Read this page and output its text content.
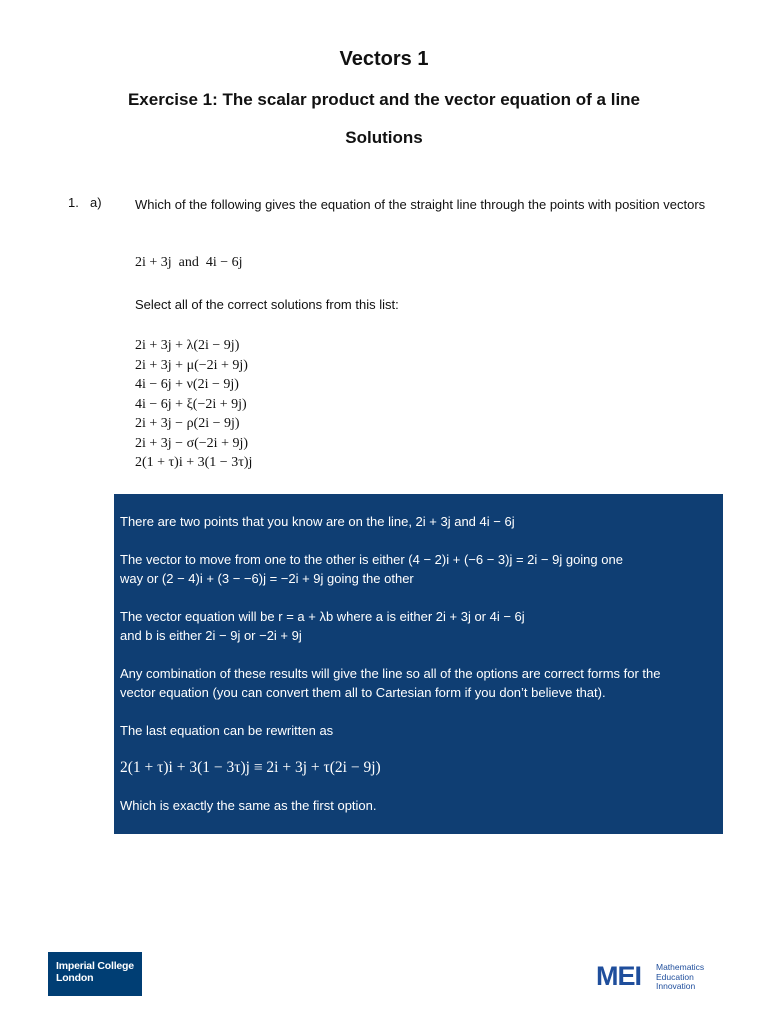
Vectors 1
Exercise 1: The scalar product and the vector equation of a line
Solutions
1. a)	Which of the following gives the equation of the straight line through the points with position vectors
2i + 3j  and  4i − 6j
Select all of the correct solutions from this list:
2i + 3j + λ(2i − 9j)
2i + 3j + μ(−2i + 9j)
4i − 6j + ν(2i − 9j)
4i − 6j + ξ(−2i + 9j)
2i + 3j − ρ(2i − 9j)
2i + 3j − σ(−2i + 9j)
2(1 + τ)i + 3(1 − 3τ)j
There are two points that you know are on the line, 2i + 3j and 4i − 6j
The vector to move from one to the other is either (4 − 2)i + (−6 − 3)j = 2i − 9j going one
way or (2 − 4)i + (3 − −6)j = −2i + 9j going the other
The vector equation will be r = a + λb where a is either 2i + 3j or 4i − 6j
and b is either 2i − 9j or −2i + 9j
Any combination of these results will give the line so all of the options are correct forms for the
vector equation (you can convert them all to Cartesian form if you don’t believe that).
The last equation can be rewritten as
2(1 + τ)i + 3(1 − 3τ)j ≡ 2i + 3j + τ(2i − 9j)
Which is exactly the same as the first option.
Imperial College
London	MEI Mathematics
Education
Innovation
